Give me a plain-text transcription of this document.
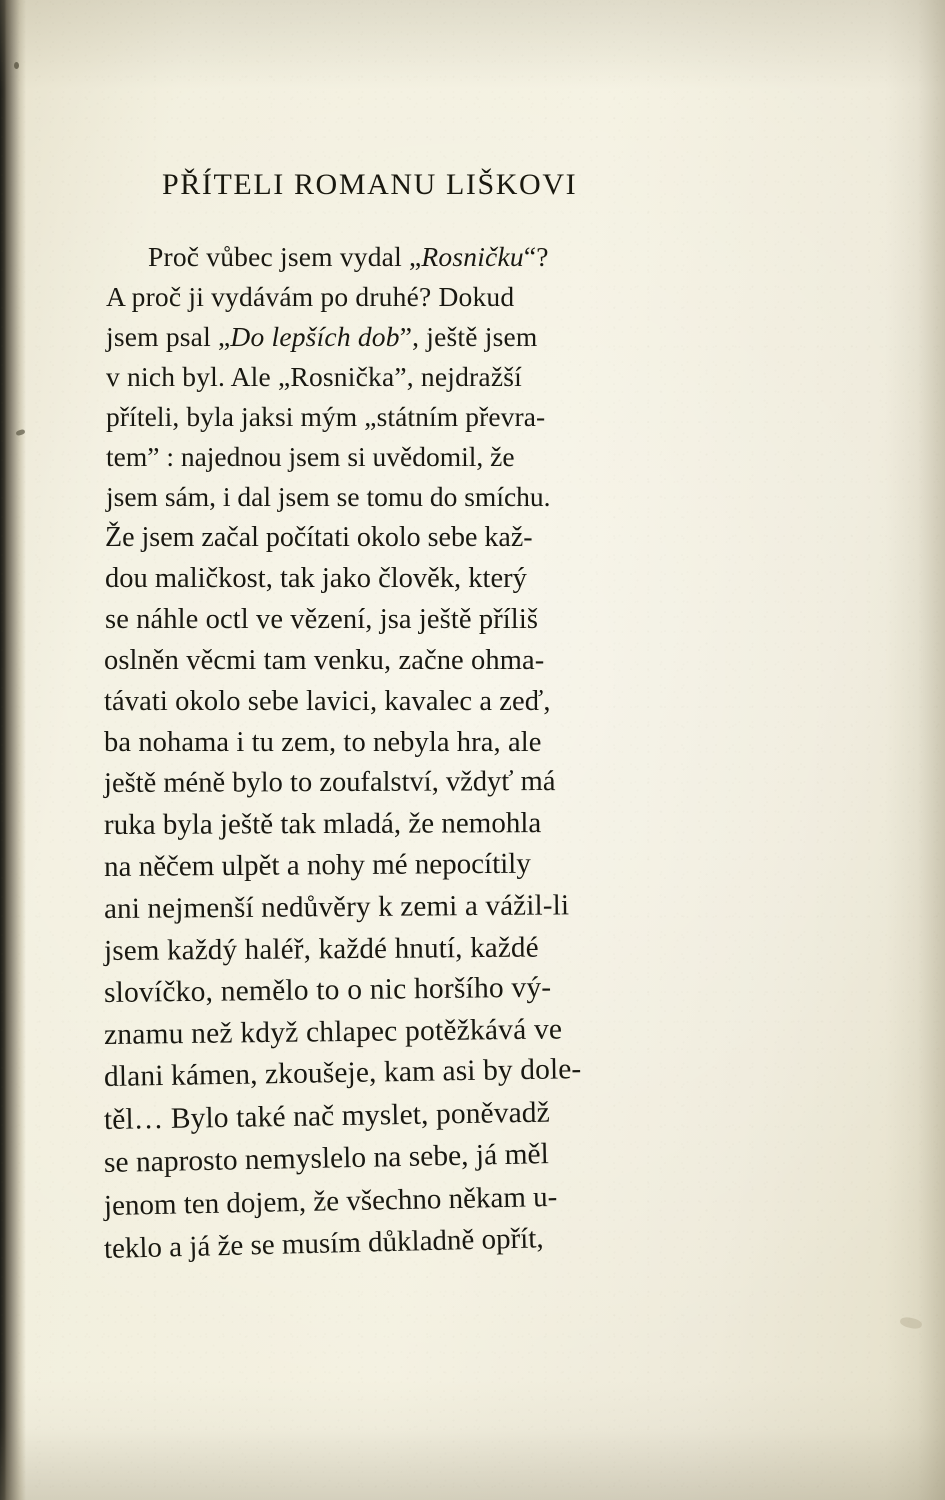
PŘÍTELI ROMANU LIŠKOVI
Proč vůbec jsem vydal „Rosničku“?
A proč ji vydávám po druhé? Dokud
jsem psal „Do lepších dob”, ještě jsem
v nich byl. Ale „Rosnička”, nejdražší
příteli, byla jaksi mým „státním převra-
tem” : najednou jsem si uvědomil, že
jsem sám, i dal jsem se tomu do smíchu.
Že jsem začal počítati okolo sebe kaž-
dou maličkost, tak jako člověk, který
se náhle octl ve vězení, jsa ještě příliš
oslněn věcmi tam venku, začne ohma-
távati okolo sebe lavici, kavalec a zeď,
ba nohama i tu zem, to nebyla hra, ale
ještě méně bylo to zoufalství, vždyť má
ruka byla ještě tak mladá, že nemohla
na něčem ulpět a nohy mé nepocítily
ani nejmenší nedůvěry k zemi a vážil-li
jsem každý haléř, každé hnutí, každé
slovíčko, nemělo to o nic horšího vý-
znamu než když chlapec potěžkává ve
dlani kámen, zkoušeje, kam asi by dole-
těl… Bylo také nač myslet, poněvadž
se naprosto nemyslelo na sebe, já měl
jenom ten dojem, že všechno někam u-
teklo a já že se musím důkladně opřít,
